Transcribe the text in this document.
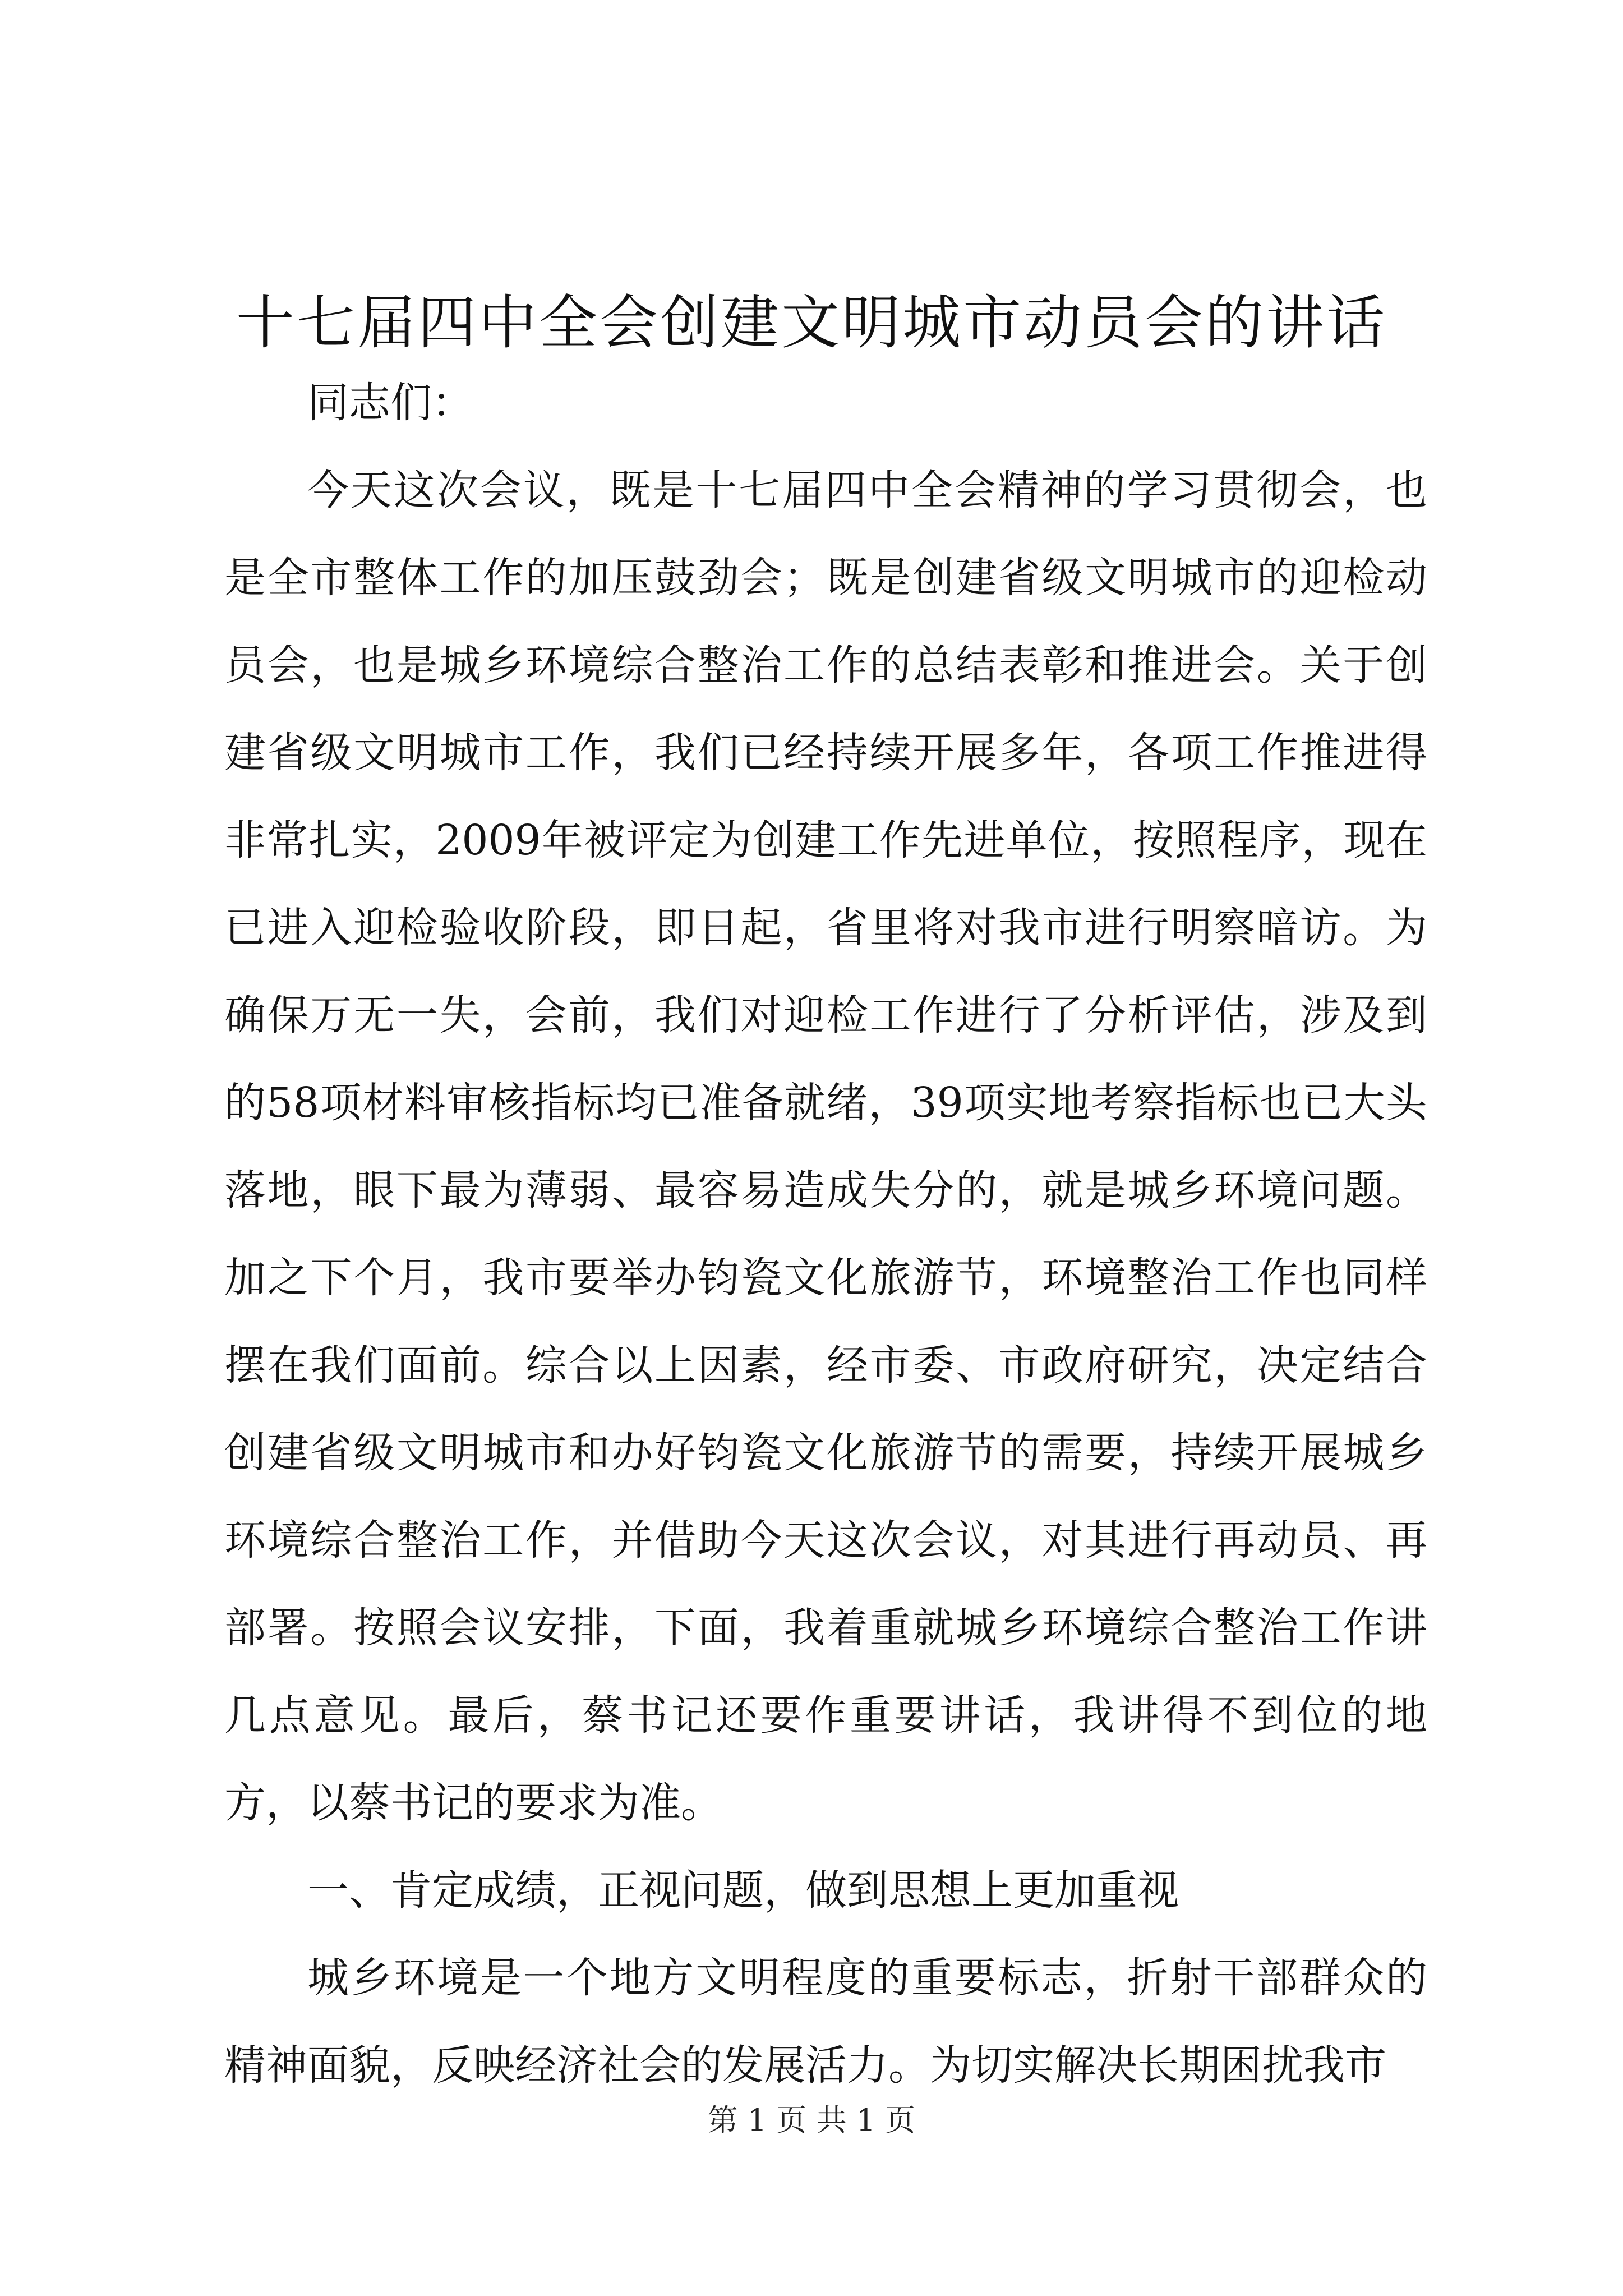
十七届四中全会创建文明城市动员会的讲话

同志们：

今天这次会议，既是十七届四中全会精神的学习贯彻会，也是全市整体工作的加压鼓劲会；既是创建省级文明城市的迎检动员会，也是城乡环境综合整治工作的总结表彰和推进会。关于创建省级文明城市工作，我们已经持续开展多年，各项工作推进得非常扎实，2009年被评定为创建工作先进单位，按照程序，现在已进入迎检验收阶段，即日起，省里将对我市进行明察暗访。为确保万无一失，会前，我们对迎检工作进行了分析评估，涉及到的58项材料审核指标均已准备就绪，39项实地考察指标也已大头落地，眼下最为薄弱、最容易造成失分的，就是城乡环境问题。加之下个月，我市要举办钧瓷文化旅游节，环境整治工作也同样摆在我们面前。综合以上因素，经市委、市政府研究，决定结合创建省级文明城市和办好钧瓷文化旅游节的需要，持续开展城乡环境综合整治工作，并借助今天这次会议，对其进行再动员、再部署。按照会议安排，下面，我着重就城乡环境综合整治工作讲几点意见。最后，蔡书记还要作重要讲话，我讲得不到位的地方，以蔡书记的要求为准。

一、肯定成绩，正视问题，做到思想上更加重视

城乡环境是一个地方文明程度的重要标志，折射干部群众的精神面貌，反映经济社会的发展活力。为切实解决长期困扰我市

第 1 页 共 1 页
